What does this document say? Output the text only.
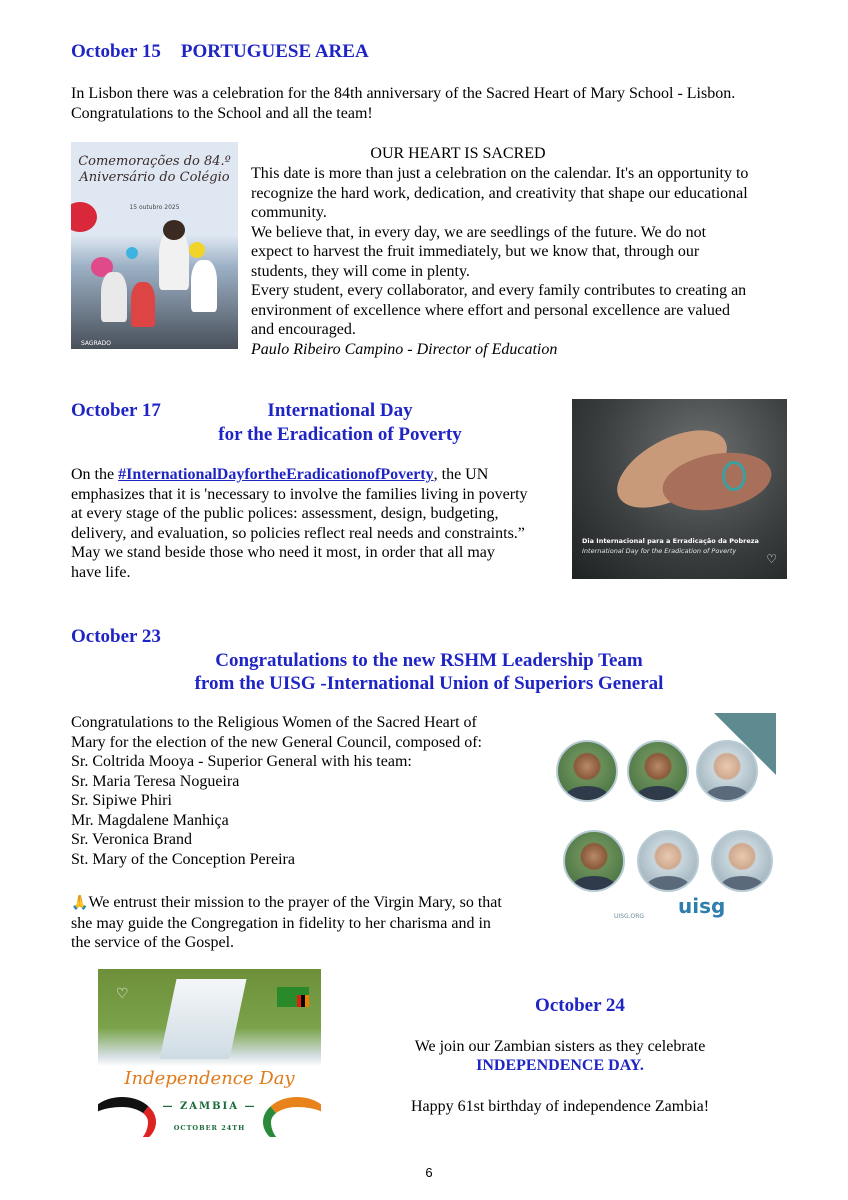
October 15 PORTUGUESE AREA

In Lisbon there was a celebration for the 84th anniversary of the Sacred Heart of Mary School - Lisbon.

Congratulations to the School and all the team!

Comemorações do 84.º
Aniversário do Colégio
15 outubro 2025
SAGRADO

OUR HEART IS SACRED

This date is more than just a celebration on the calendar. It's an opportunity to

recognize the hard work, dedication, and creativity that shape our educational

community.

We believe that, in every day, we are seedlings of the future. We do not

expect to harvest the fruit immediately, but we know that, through our

students, they will come in plenty.

Every student, every collaborator, and every family contributes to creating an

environment of excellence where effort and personal excellence are valued

and encouraged.

Paulo Ribeiro Campino - Director of Education

October 17	International Day
for the Eradication of Poverty

On the #InternationalDayfortheEradicationofPoverty, the UN

emphasizes that it is 'necessary to involve the families living in poverty

at every stage of the public polices: assessment, design, budgeting,

delivery, and evaluation, so policies reflect real needs and constraints.”

May we stand beside those who need it most, in order that all may

have life.

Dia Internacional para a Erradicação da Pobreza
International Day for the Eradication of Poverty
♡
October 23
Congratulations to the new RSHM Leadership Team
from the UISG -International Union of Superiors General

Congratulations to the Religious Women of the Sacred Heart of

Mary for the election of the new General Council, composed of:

Sr. Coltrida Mooya - Superior General with his team:

Sr. Maria Teresa Nogueira

Sr. Sipiwe Phiri

Mr. Magdalene Manhiça

Sr. Veronica Brand

St. Mary of the Conception Pereira

🙏We entrust their mission to the prayer of the Virgin Mary, so that

she may guide the Congregation in fidelity to her charisma and in

the service of the Gospel.

UISG.ORG uisg
♡
Independence Day
— ZAMBIA —
OCTOBER 24TH
October 24

We join our Zambian sisters as they celebrate

INDEPENDENCE DAY.

Happy 61st birthday of independence Zambia!

6
